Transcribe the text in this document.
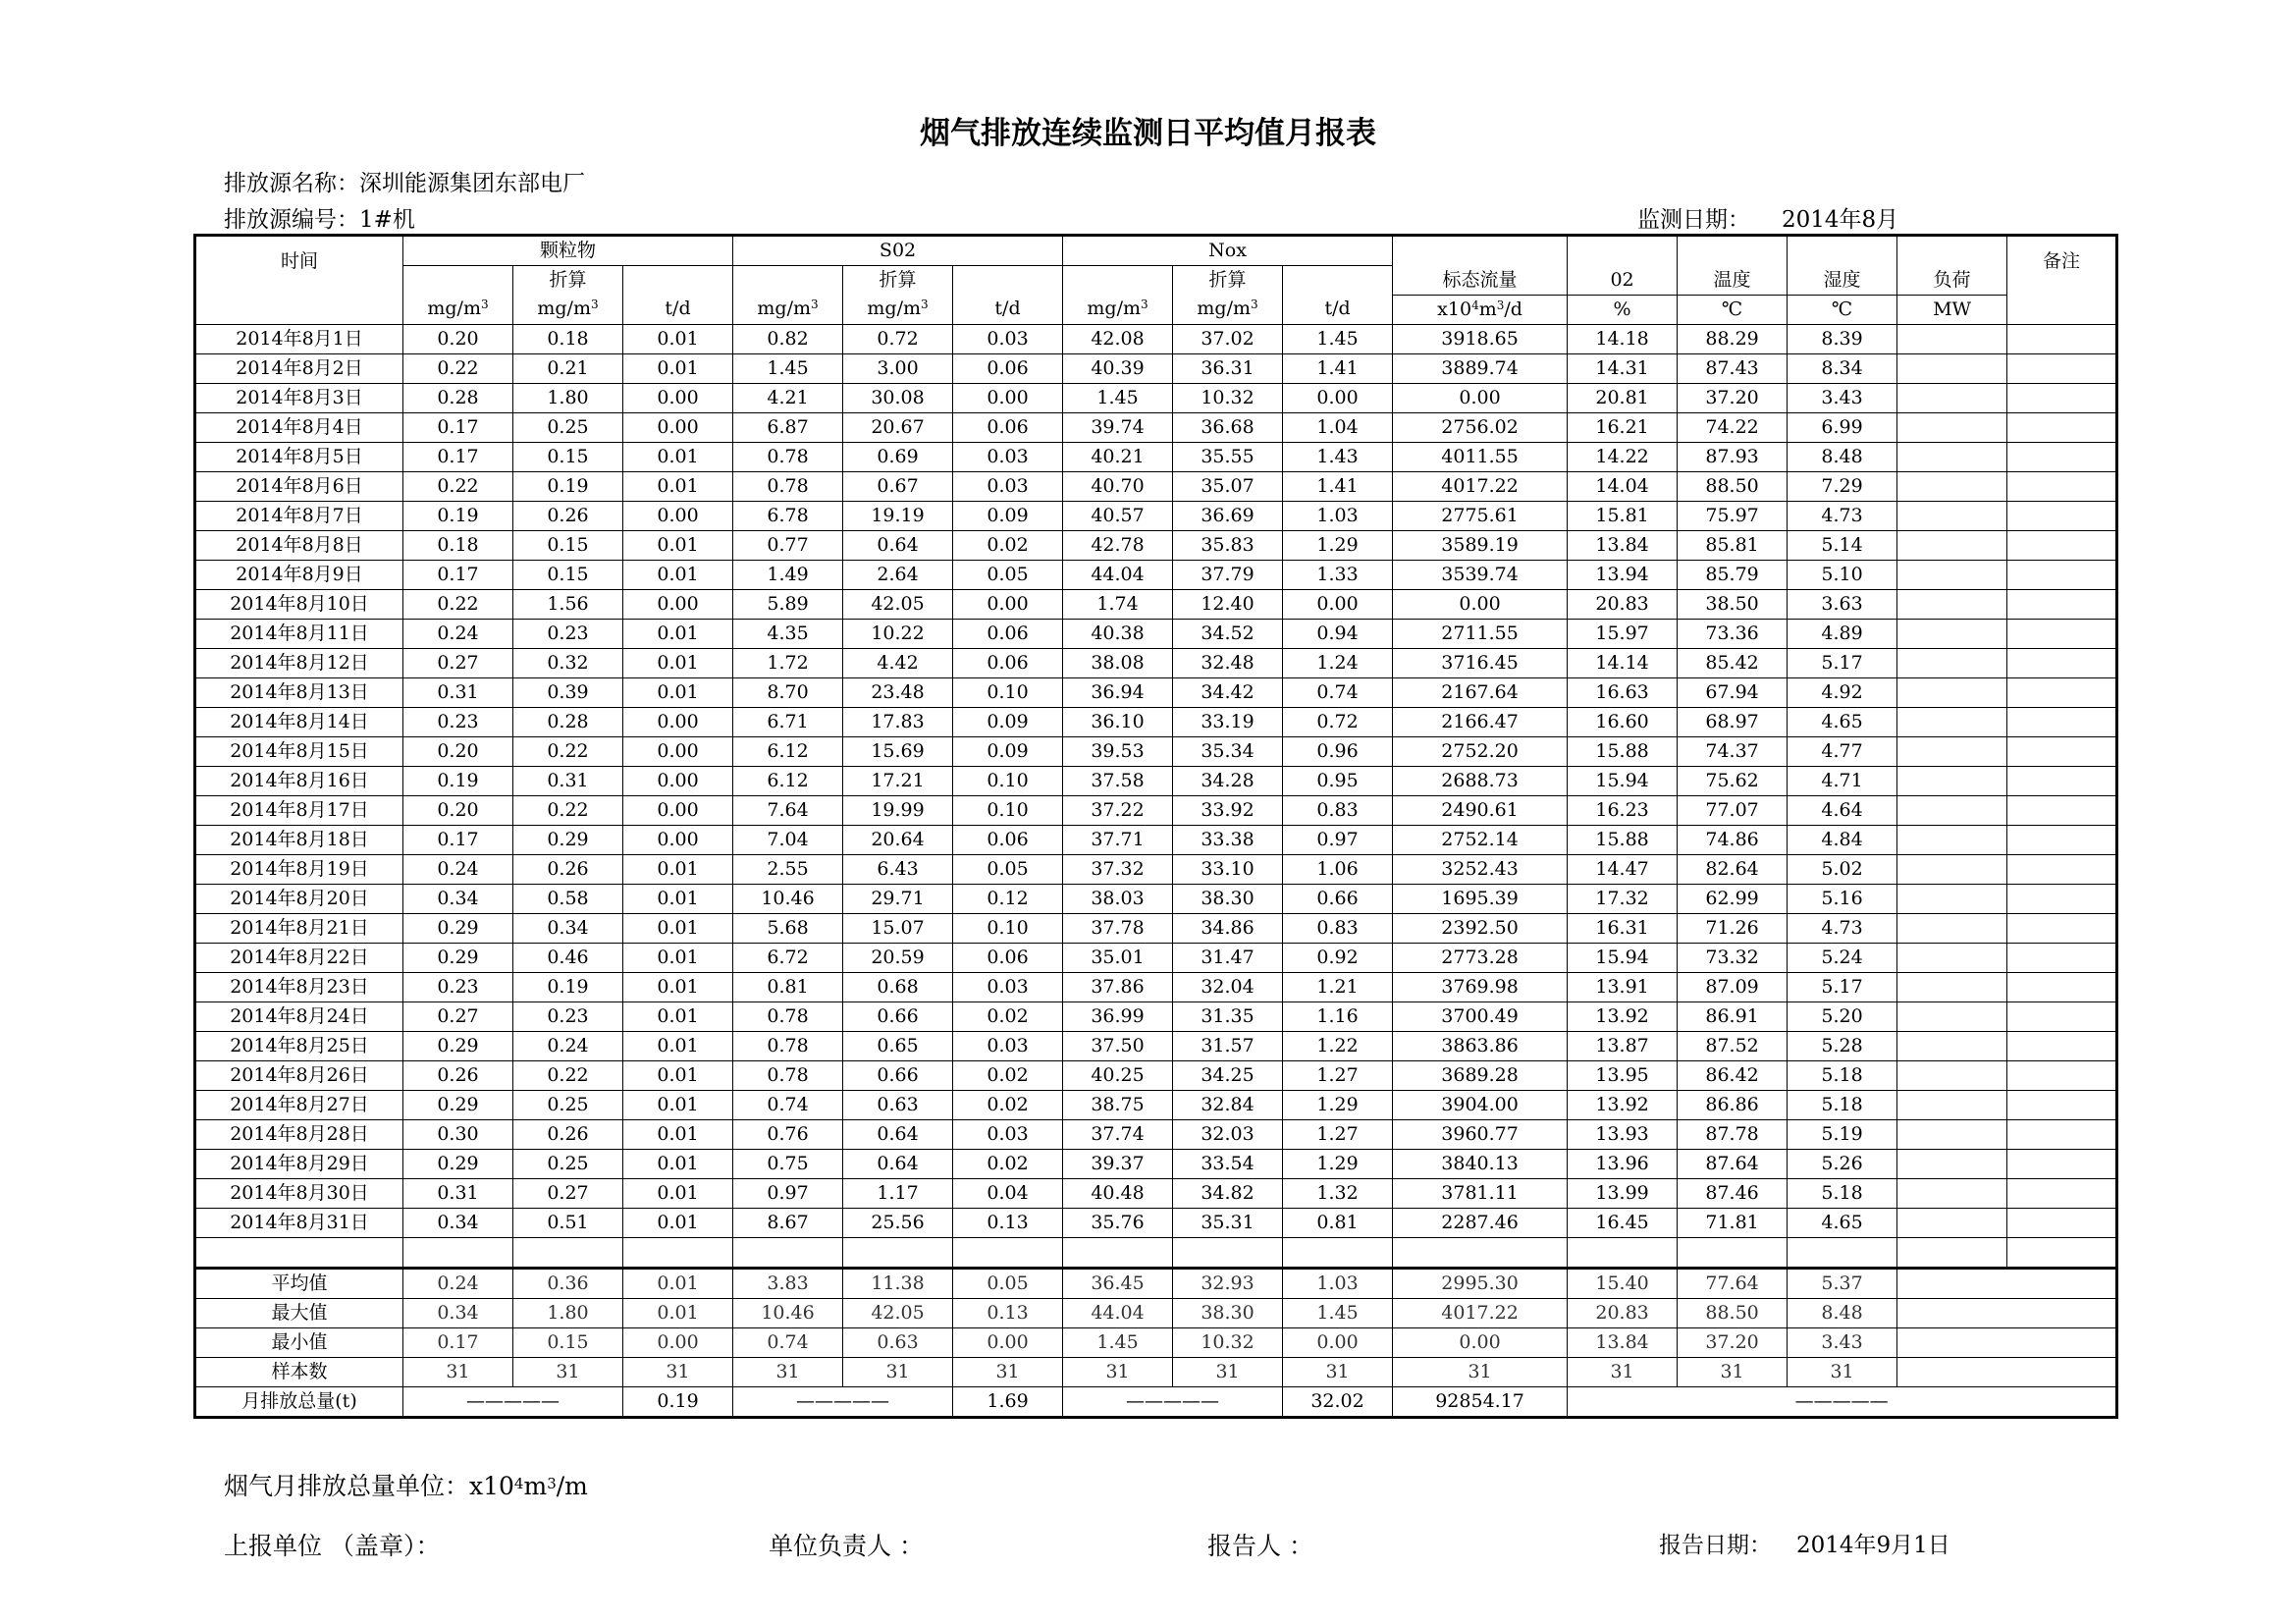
烟气排放连续监测日平均值月报表
排放源名称：深圳能源集团东部电厂
排放源编号：1#机	监测日期： 2014年8月
时间	颗粒物			S02			Nox			标态流量	02	温度	湿度	负荷	备注
		折算			折算			折算							
	$mg/m^3$	$mg/m^3$	t/d	$mg/m^3$	$mg/m^3$	t/d	$mg/m^3$	$mg/m^3$	t/d	$x10^4m^3/d$	%	℃	℃	MW	
2014年8月1日	0.20	0.18	0.01	0.82	0.72	0.03	42.08	37.02	1.45	3918.65	14.18	88.29	8.39		
2014年8月2日	0.22	0.21	0.01	1.45	3.00	0.06	40.39	36.31	1.41	3889.74	14.31	87.43	8.34		
2014年8月3日	0.28	1.80	0.00	4.21	30.08	0.00	1.45	10.32	0.00	0.00	20.81	37.20	3.43		
2014年8月4日	0.17	0.25	0.00	6.87	20.67	0.06	39.74	36.68	1.04	2756.02	16.21	74.22	6.99		
2014年8月5日	0.17	0.15	0.01	0.78	0.69	0.03	40.21	35.55	1.43	4011.55	14.22	87.93	8.48		
2014年8月6日	0.22	0.19	0.01	0.78	0.67	0.03	40.70	35.07	1.41	4017.22	14.04	88.50	7.29		
2014年8月7日	0.19	0.26	0.00	6.78	19.19	0.09	40.57	36.69	1.03	2775.61	15.81	75.97	4.73		
2014年8月8日	0.18	0.15	0.01	0.77	0.64	0.02	42.78	35.83	1.29	3589.19	13.84	85.81	5.14		
2014年8月9日	0.17	0.15	0.01	1.49	2.64	0.05	44.04	37.79	1.33	3539.74	13.94	85.79	5.10		
2014年8月10日	0.22	1.56	0.00	5.89	42.05	0.00	1.74	12.40	0.00	0.00	20.83	38.50	3.63		
2014年8月11日	0.24	0.23	0.01	4.35	10.22	0.06	40.38	34.52	0.94	2711.55	15.97	73.36	4.89		
2014年8月12日	0.27	0.32	0.01	1.72	4.42	0.06	38.08	32.48	1.24	3716.45	14.14	85.42	5.17		
2014年8月13日	0.31	0.39	0.01	8.70	23.48	0.10	36.94	34.42	0.74	2167.64	16.63	67.94	4.92		
2014年8月14日	0.23	0.28	0.00	6.71	17.83	0.09	36.10	33.19	0.72	2166.47	16.60	68.97	4.65		
2014年8月15日	0.20	0.22	0.00	6.12	15.69	0.09	39.53	35.34	0.96	2752.20	15.88	74.37	4.77		
2014年8月16日	0.19	0.31	0.00	6.12	17.21	0.10	37.58	34.28	0.95	2688.73	15.94	75.62	4.71		
2014年8月17日	0.20	0.22	0.00	7.64	19.99	0.10	37.22	33.92	0.83	2490.61	16.23	77.07	4.64		
2014年8月18日	0.17	0.29	0.00	7.04	20.64	0.06	37.71	33.38	0.97	2752.14	15.88	74.86	4.84		
2014年8月19日	0.24	0.26	0.01	2.55	6.43	0.05	37.32	33.10	1.06	3252.43	14.47	82.64	5.02		
2014年8月20日	0.34	0.58	0.01	10.46	29.71	0.12	38.03	38.30	0.66	1695.39	17.32	62.99	5.16		
2014年8月21日	0.29	0.34	0.01	5.68	15.07	0.10	37.78	34.86	0.83	2392.50	16.31	71.26	4.73		
2014年8月22日	0.29	0.46	0.01	6.72	20.59	0.06	35.01	31.47	0.92	2773.28	15.94	73.32	5.24		
2014年8月23日	0.23	0.19	0.01	0.81	0.68	0.03	37.86	32.04	1.21	3769.98	13.91	87.09	5.17		
2014年8月24日	0.27	0.23	0.01	0.78	0.66	0.02	36.99	31.35	1.16	3700.49	13.92	86.91	5.20		
2014年8月25日	0.29	0.24	0.01	0.78	0.65	0.03	37.50	31.57	1.22	3863.86	13.87	87.52	5.28		
2014年8月26日	0.26	0.22	0.01	0.78	0.66	0.02	40.25	34.25	1.27	3689.28	13.95	86.42	5.18		
2014年8月27日	0.29	0.25	0.01	0.74	0.63	0.02	38.75	32.84	1.29	3904.00	13.92	86.86	5.18		
2014年8月28日	0.30	0.26	0.01	0.76	0.64	0.03	37.74	32.03	1.27	3960.77	13.93	87.78	5.19		
2014年8月29日	0.29	0.25	0.01	0.75	0.64	0.02	39.37	33.54	1.29	3840.13	13.96	87.64	5.26		
2014年8月30日	0.31	0.27	0.01	0.97	1.17	0.04	40.48	34.82	1.32	3781.11	13.99	87.46	5.18		
2014年8月31日	0.34	0.51	0.01	8.67	25.56	0.13	35.76	35.31	0.81	2287.46	16.45	71.81	4.65		

平均值	0.24	0.36	0.01	3.83	11.38	0.05	36.45	32.93	1.03	2995.30	15.40	77.64	5.37		
最大值	0.34	1.80	0.01	10.46	42.05	0.13	44.04	38.30	1.45	4017.22	20.83	88.50	8.48		
最小值	0.17	0.15	0.00	0.74	0.63	0.00	1.45	10.32	0.00	0.00	13.84	37.20	3.43		
样本数	31	31	31	31	31	31	31	31	31	31	31	31	31		
月排放总量(t)	—————		0.19	—————		1.69	—————		32.02	92854.17	—————				
烟气月排放总量单位：$x10^4m^3/m$
上报单位 （盖章）：	单位负责人 ：	报告人 ：	报告日期： 2014年9月1日
